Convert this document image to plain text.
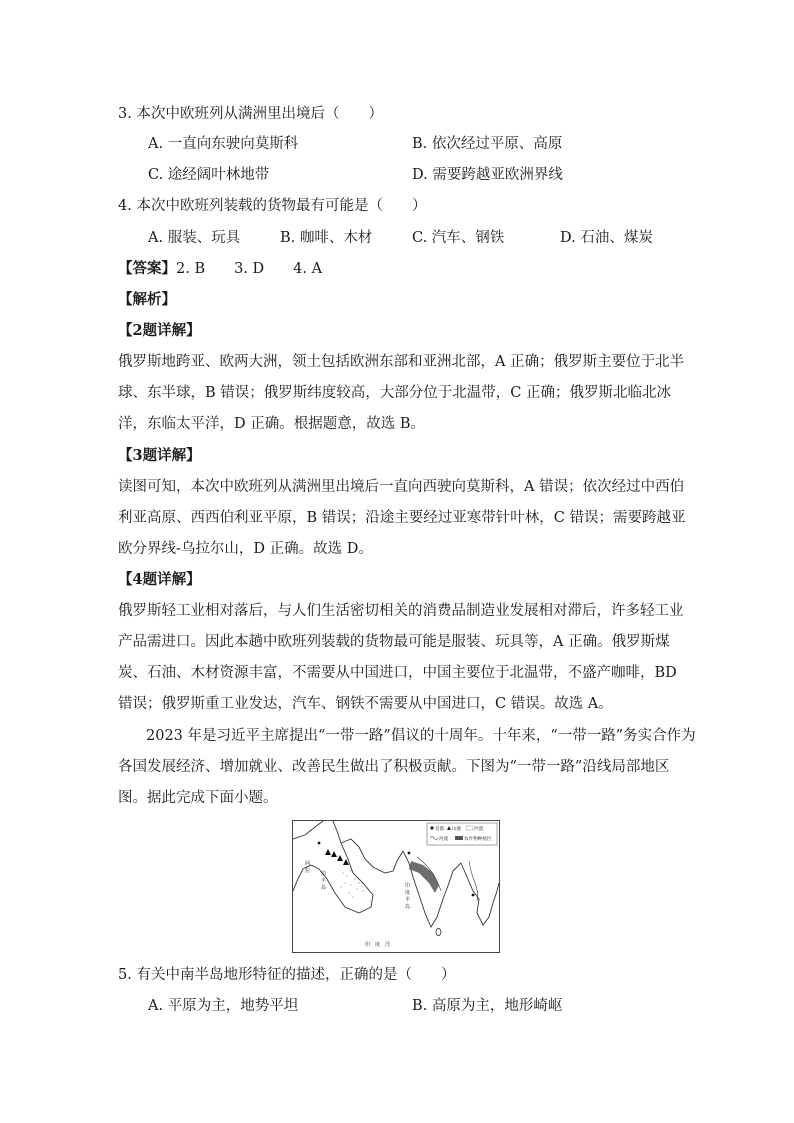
3. 本次中欧班列从满洲里出境后（　　）
A. 一直向东驶向莫斯科	B. 依次经过平原、高原
C. 途经阔叶林地带	D. 需要跨越亚欧洲界线
4. 本次中欧班列装载的货物最有可能是（　　）
A. 服装、玩具	B. 咖啡、木材	C. 汽车、钢铁	D. 石油、煤炭
【答案】2. B　　3. D　　4. A
【解析】
【2题详解】
俄罗斯地跨亚、欧两大洲，领土包括欧洲东部和亚洲北部，A 正确；俄罗斯主要位于北半
球、东半球，B 错误；俄罗斯纬度较高，大部分位于北温带，C 正确；俄罗斯北临北冰
洋，东临太平洋，D 正确。根据题意，故选 B。
【3题详解】
读图可知，本次中欧班列从满洲里出境后一直向西驶向莫斯科，A 错误；依次经过中西伯
利亚高原、西西伯利亚平原，B 错误；沿途主要经过亚寒带针叶林，C 错误；需要跨越亚
欧分界线-乌拉尔山，D 正确。故选 D。
【4题详解】
俄罗斯轻工业相对落后，与人们生活密切相关的消费品制造业发展相对滞后，许多轻工业
产品需进口。因此本趟中欧班列装载的货物最可能是服装、玩具等，A 正确。俄罗斯煤
炭、石油、木材资源丰富，不需要从中国进口，中国主要位于北温带，不盛产咖啡，BD
错误；俄罗斯重工业发达，汽车、钢铁不需要从中国进口，C 错误。故选 A。
2023 年是习近平主席提出“一带一路”倡议的十周年。十年来，“一带一路”务实合作为
各国发展经济、增加就业、改善民生做出了积极贡献。下图为“一带一路”沿线局部地区
图。据此完成下面小题。
首都 山脉	沙漠
河流	农作物种植区
阿
拉 伯
半
岛	印
度
半
岛
印　度　洋
5. 有关中南半岛地形特征的描述，正确的是（　　）
A. 平原为主，地势平坦	B. 高原为主，地形崎岖
